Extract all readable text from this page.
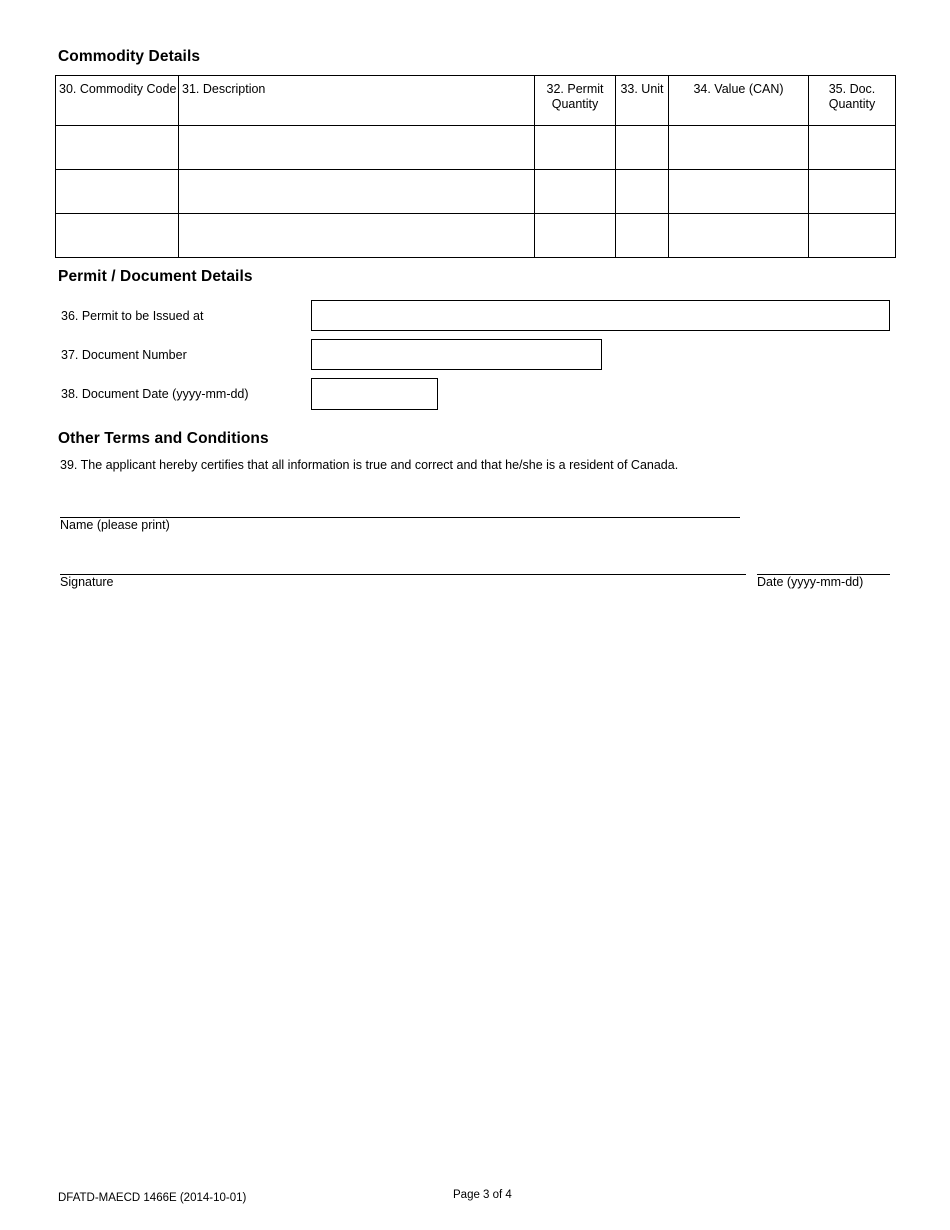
Commodity Details
30. Commodity Code	31. Description	32. Permit Quantity	33. Unit	34. Value (CAN)	35. Doc. Quantity

Permit / Document Details
36. Permit to be Issued at
37. Document Number
38. Document Date (yyyy-mm-dd)
Other Terms and Conditions
39. The applicant hereby certifies that all information is true and correct and that he/she is a resident of Canada.
Name (please print)
Signature	Date (yyyy-mm-dd)
DFATD-MAECD 1466E (2014-10-01)	Page 3 of 4
